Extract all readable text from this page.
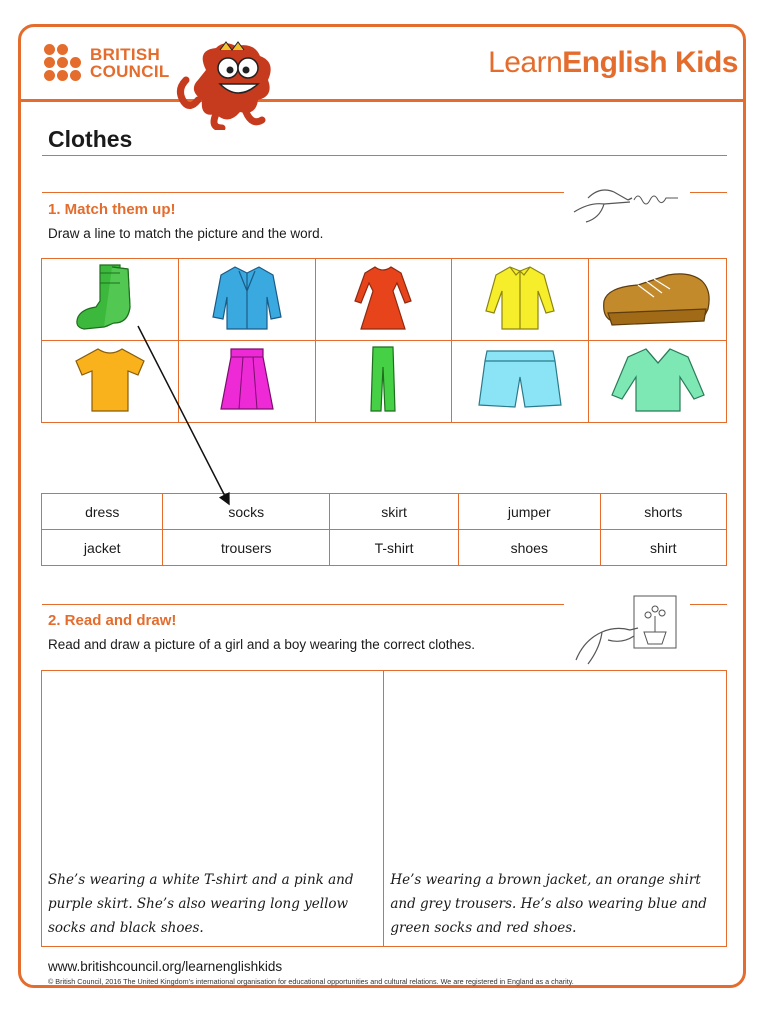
BRITISH
COUNCIL	LearnEnglish Kids
Clothes
1. Match them up!
Draw a line to match the picture and the word.

dress	socks	skirt	jumper	shorts
jacket	trousers	T-shirt	shoes	shirt
2. Read and draw!
Read and draw a picture of a girl and a boy wearing the correct clothes.
She’s wearing a white T-shirt and a pink and purple skirt. She’s also wearing long yellow socks and black shoes.

He’s wearing a brown jacket, an orange shirt and grey trousers. He’s also wearing blue and green socks and red shoes.
www.britishcouncil.org/learnenglishkids
© British Council, 2016 The United Kingdom’s international organisation for educational opportunities and cultural relations. We are registered in England as a charity.
